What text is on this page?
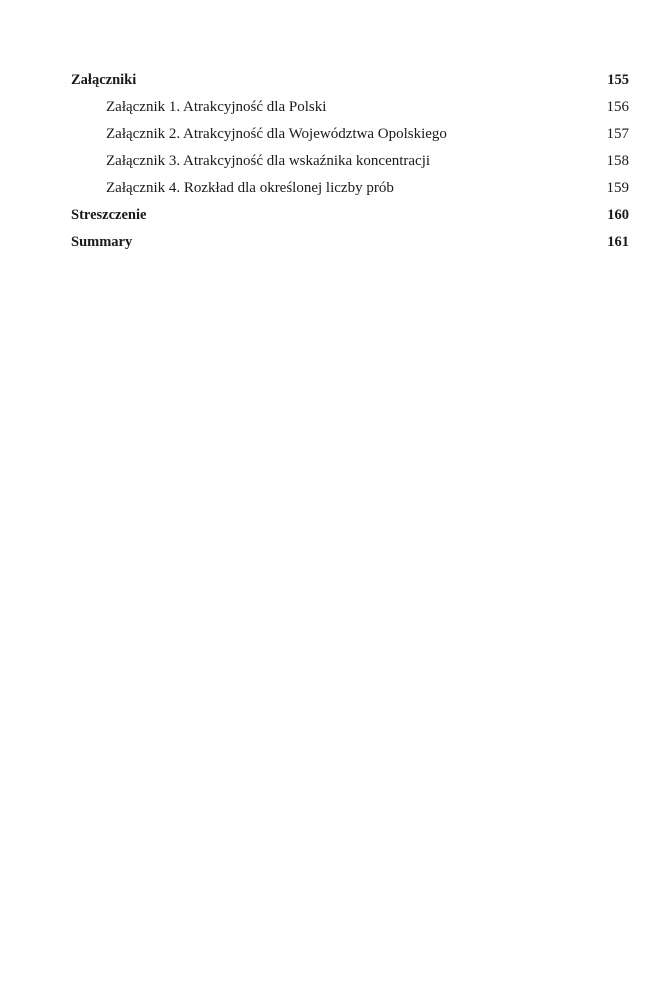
Załączniki	155
Załącznik 1. Atrakcyjność dla Polski	156
Załącznik 2. Atrakcyjność dla Województwa Opolskiego	157
Załącznik 3. Atrakcyjność dla wskaźnika koncentracji	158
Załącznik 4. Rozkład dla określonej liczby prób	159
Streszczenie	160
Summary	161
